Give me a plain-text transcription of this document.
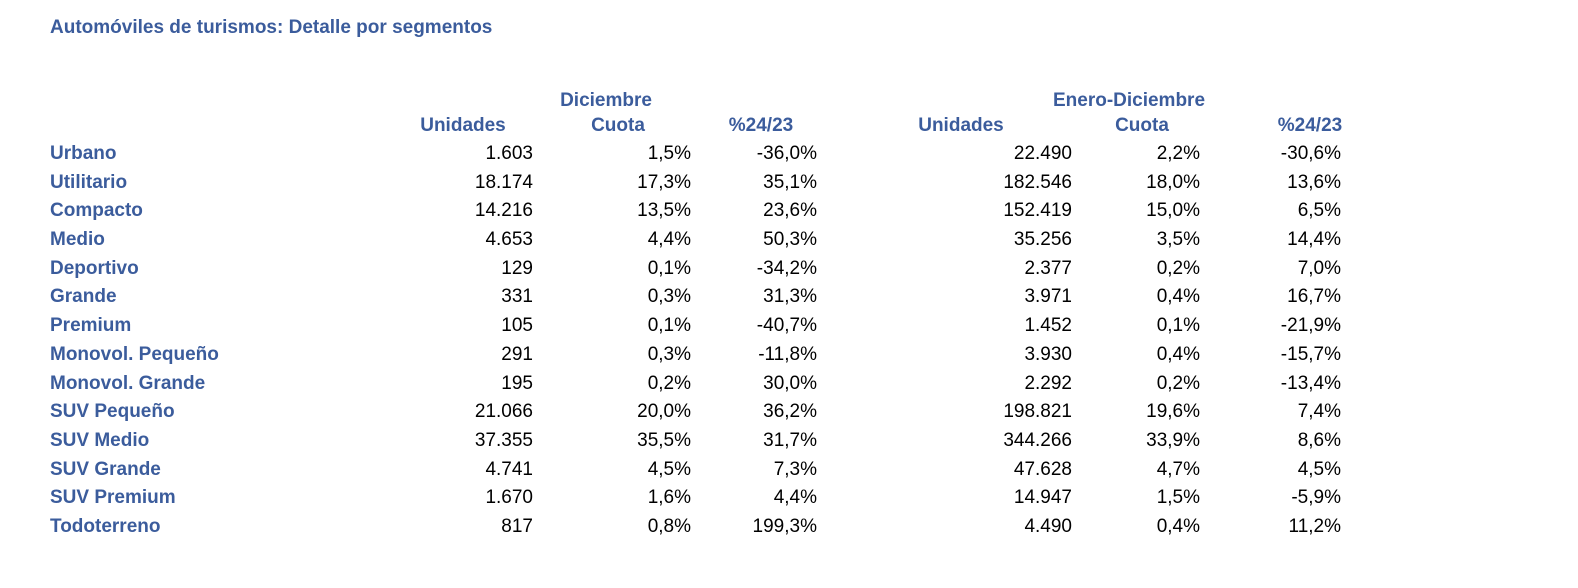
Automóviles de turismos: Detalle por segmentos
Diciembre	Enero-Diciembre
Unidades	Cuota	%24/23	Unidades	Cuota	%24/23
Urbano	1.603	1,5%	-36,0%	22.490	2,2%	-30,6%
Utilitario	18.174	17,3%	35,1%	182.546	18,0%	13,6%
Compacto	14.216	13,5%	23,6%	152.419	15,0%	6,5%
Medio	4.653	4,4%	50,3%	35.256	3,5%	14,4%
Deportivo	129	0,1%	-34,2%	2.377	0,2%	7,0%
Grande	331	0,3%	31,3%	3.971	0,4%	16,7%
Premium	105	0,1%	-40,7%	1.452	0,1%	-21,9%
Monovol. Pequeño	291	0,3%	-11,8%	3.930	0,4%	-15,7%
Monovol. Grande	195	0,2%	30,0%	2.292	0,2%	-13,4%
SUV Pequeño	21.066	20,0%	36,2%	198.821	19,6%	7,4%
SUV Medio	37.355	35,5%	31,7%	344.266	33,9%	8,6%
SUV Grande	4.741	4,5%	7,3%	47.628	4,7%	4,5%
SUV Premium	1.670	1,6%	4,4%	14.947	1,5%	-5,9%
Todoterreno	817	0,8%	199,3%	4.490	0,4%	11,2%
